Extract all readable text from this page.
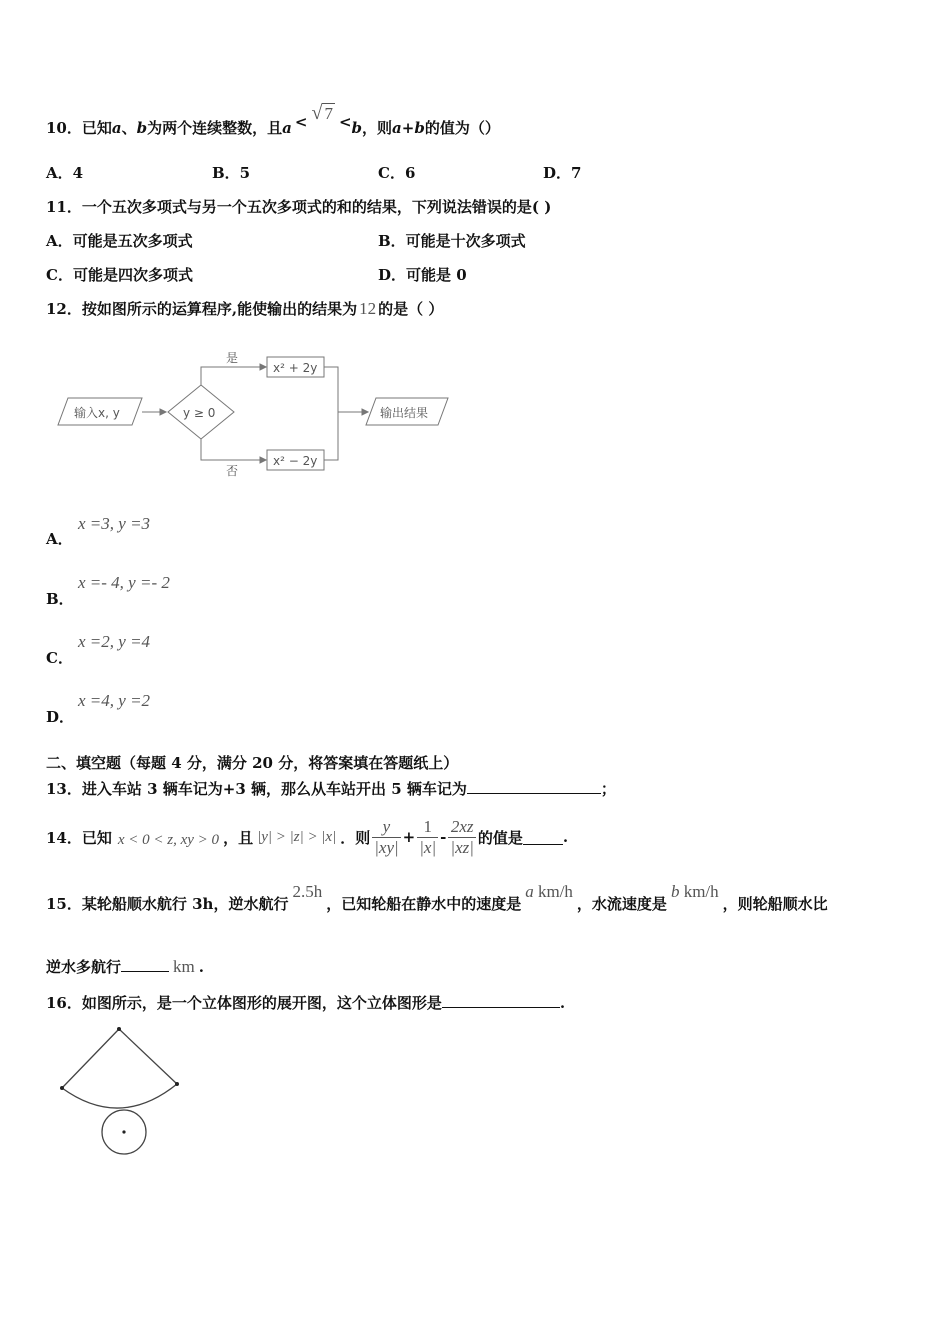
10．已知a、b为两个连续整数，且a < √ 7 <b，则a+b的值为（）
A．4	B．5	C．6	D．7
11．一个五次多项式与另一个五次多项式的和的结果，下列说法错误的是( )
A．可能是五次多项式	B．可能是十次多项式
C．可能是四次多项式	D．可能是 0
12．按如图所示的运算程序,能使输出的结果为 12 的是（ ）
输入x, y	y ≥ 0
是
否
x² + 2y
x² − 2y
输出结果
A．
x =3, y =3
B．
x =- 4, y =- 2
C．
x =2, y =4
D．
x =4, y =2
二、填空题（每题 4 分，满分 20 分，将答案填在答题纸上）
13．进入车站 3 辆车记为+3 辆，那么从车站开出 5 辆车记为	；
14．已知 x < 0 < z, xy > 0 ，且 |y| > |z| > |x| ．则 $\frac{y}{|xy|} + \frac{1}{|x|} - \frac{2xz}{|xz|}$ 的值是	.
15．某轮船顺水航行 3h，逆水航行2.5h，已知轮船在静水中的速度是a km/h，水流速度是b km/h，则轮船顺水比
逆水多航行	km .
16．如图所示，是一个立体图形的展开图，这个立体图形是	.
